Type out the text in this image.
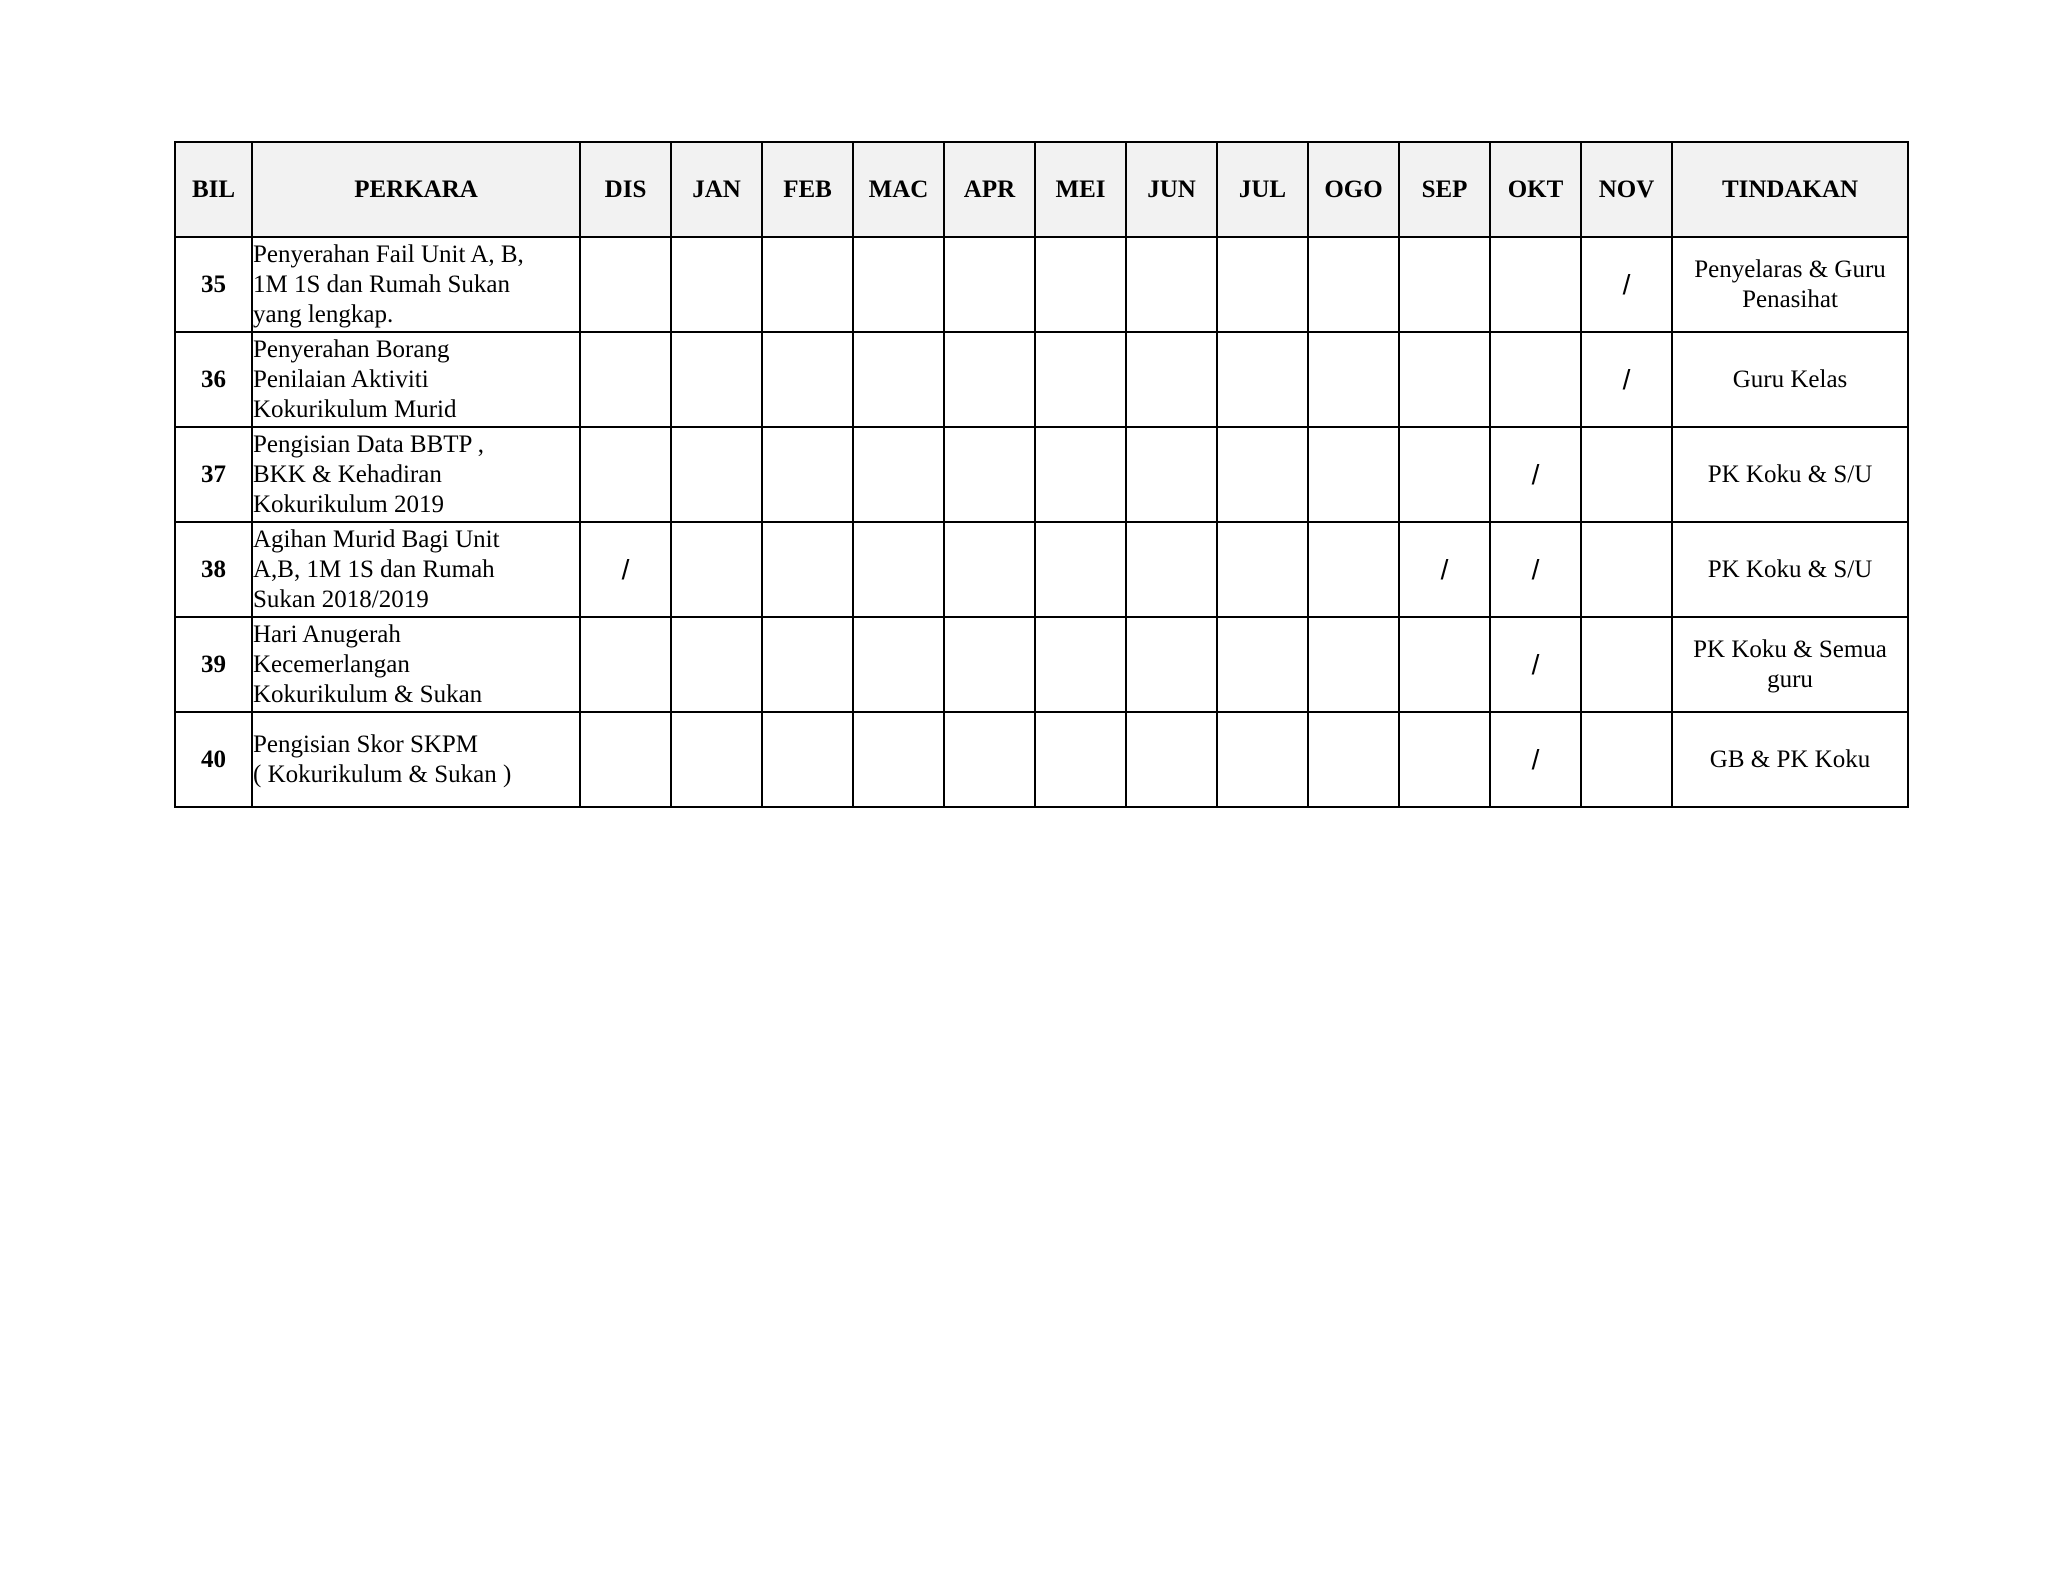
BIL	PERKARA	DIS	JAN	FEB	MAC	APR	MEI	JUN	JUL	OGO	SEP	OKT	NOV	TINDAKAN
35	Penyerahan Fail Unit A, B,
1M 1S dan Rumah Sukan
yang lengkap.												/	Penyelaras & Guru Penasihat
36	Penyerahan Borang
Penilaian Aktiviti
Kokurikulum Murid												/	Guru Kelas
37	Pengisian Data BBTP ,
BKK & Kehadiran
Kokurikulum 2019											/		PK Koku & S/U
38	Agihan Murid Bagi Unit
A,B, 1M 1S dan Rumah
Sukan 2018/2019	/									/	/		PK Koku & S/U
39	Hari Anugerah
Kecemerlangan
Kokurikulum & Sukan											/		PK Koku & Semua guru
40	Pengisian Skor SKPM
( Kokurikulum & Sukan )											/		GB & PK Koku
